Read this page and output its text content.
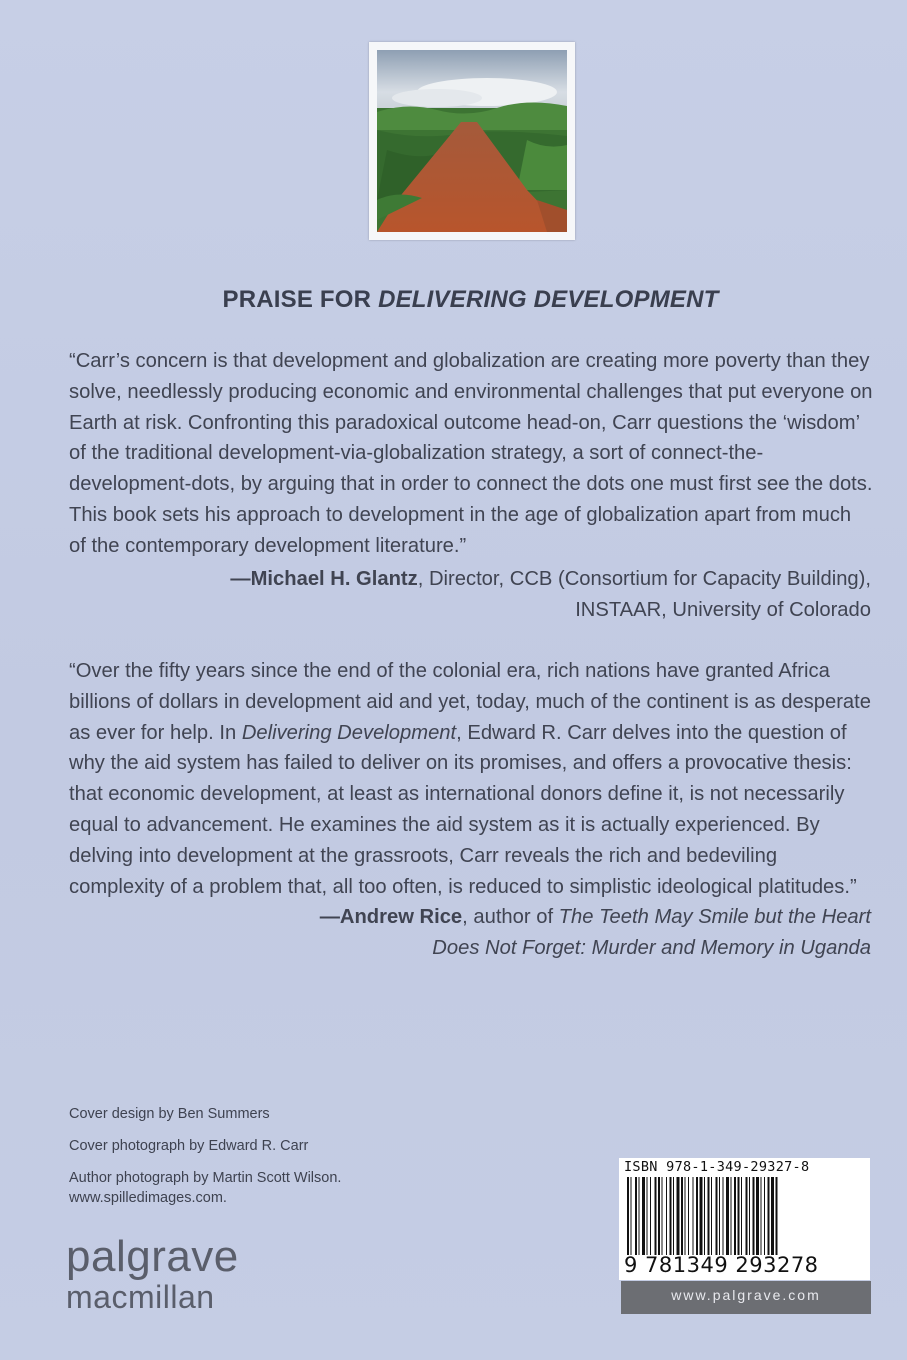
PRAISE FOR DELIVERING DEVELOPMENT
“Carr’s concern is that development and globalization are creating more poverty than they solve, needlessly producing economic and environmental challenges that put everyone on Earth at risk. Confronting this paradoxical outcome head-on, Carr questions the ‘wisdom’ of the traditional development-via-globalization strategy, a sort of connect-the-development-dots, by arguing that in order to connect the dots one must first see the dots. This book sets his approach to development in the age of globalization apart from much of the contemporary development literature.”
—Michael H. Glantz, Director, CCB (Consortium for Capacity Building),
INSTAAR, University of Colorado
“Over the fifty years since the end of the colonial era, rich nations have granted Africa billions of dollars in development aid and yet, today, much of the continent is as desperate as ever for help. In Delivering Development, Edward R. Carr delves into the question of why the aid system has failed to deliver on its promises, and offers a provocative thesis: that economic development, at least as international donors define it, is not necessarily equal to advancement. He examines the aid system as it is actually experienced. By delving into development at the grassroots, Carr reveals the rich and bedeviling complexity of a problem that, all too often, is reduced to simplistic ideological platitudes.”
—Andrew Rice, author of The Teeth May Smile but the Heart
Does Not Forget: Murder and Memory in Uganda
Cover design by Ben Summers
Cover photograph by Edward R. Carr
Author photograph by Martin Scott Wilson.
www.spilledimages.com.
palgrave
macmillan
ISBN 978-1-349-29327-8
9 781349 293278
www.palgrave.com
